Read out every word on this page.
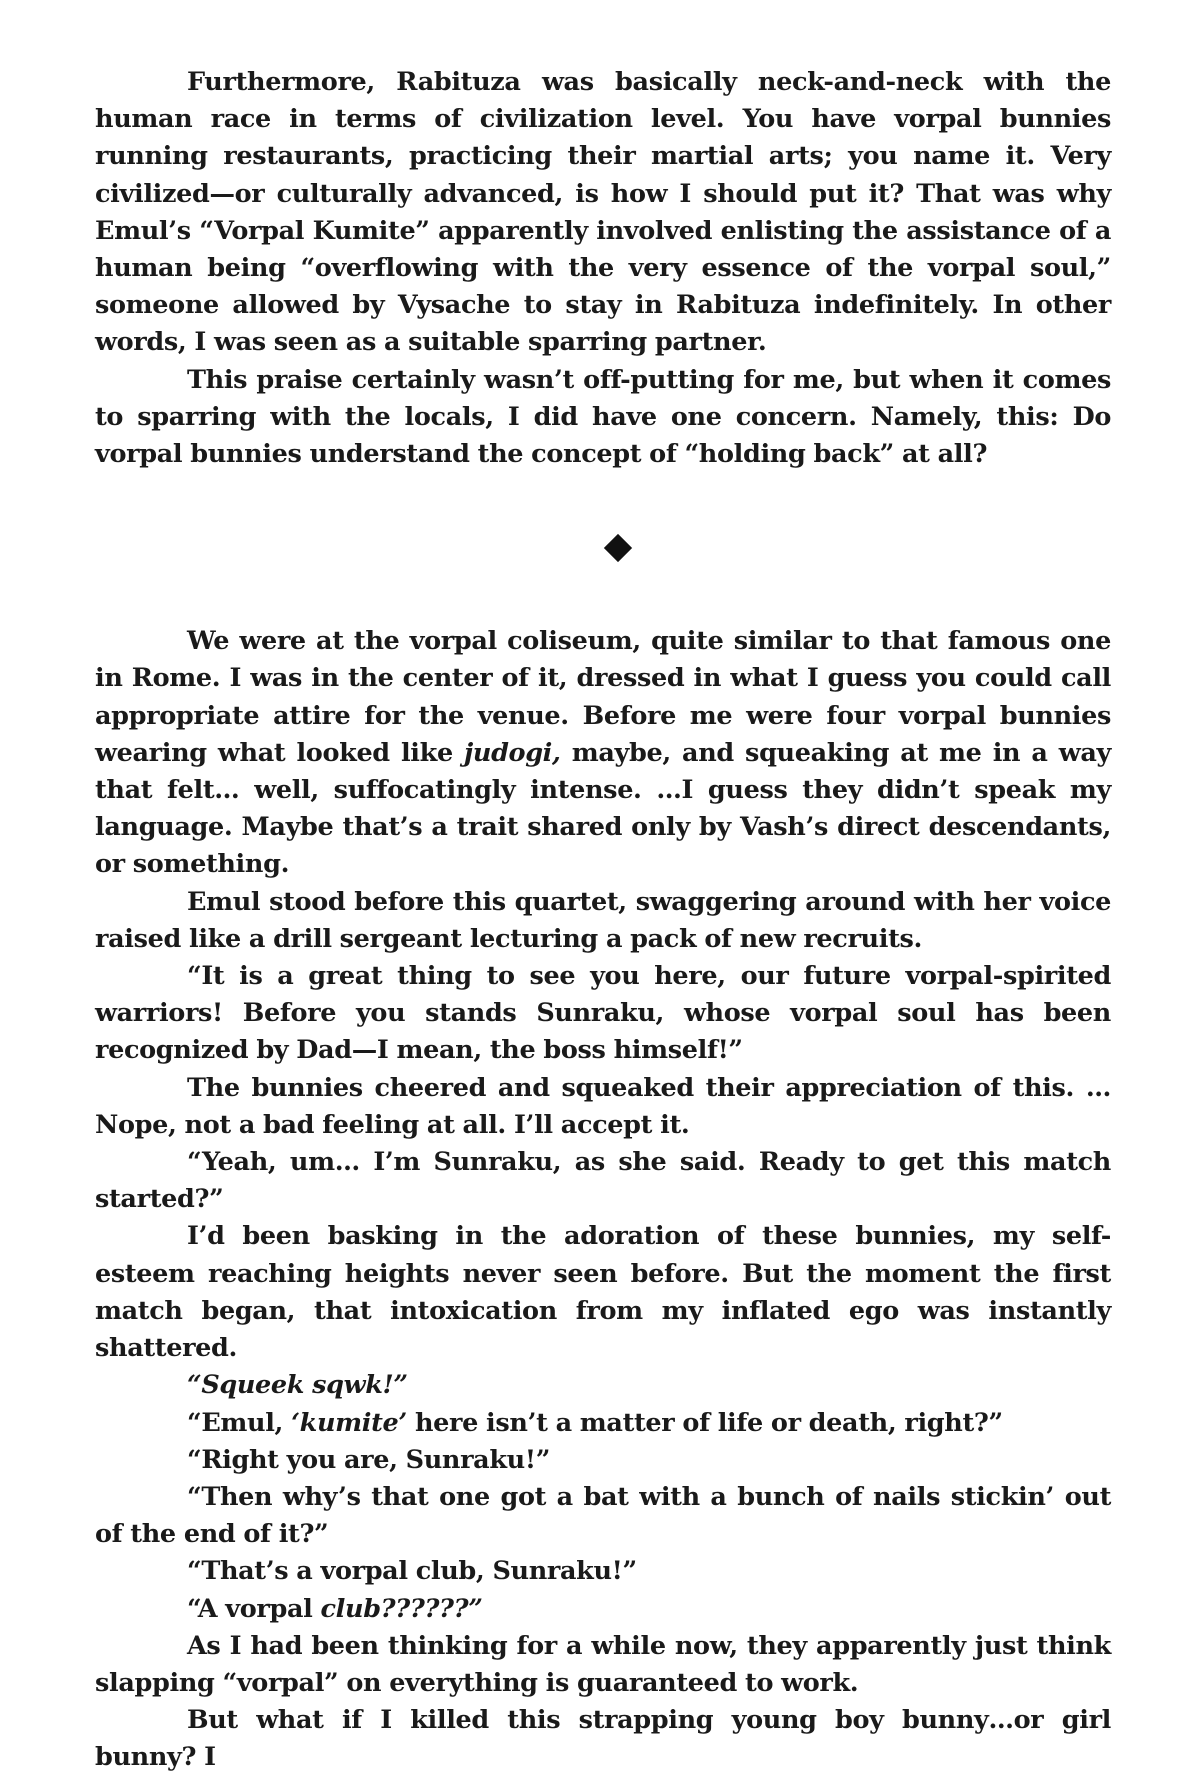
Furthermore, Rabituza was basically neck-and-neck with the human race in terms of civilization level. You have vorpal bunnies running restaurants, practicing their martial arts; you name it. Very civilized—or culturally advanced, is how I should put it? That was why Emul’s “Vorpal Kumite” apparently involved enlisting the assistance of a human being “overflowing with the very essence of the vorpal soul,” someone allowed by Vysache to stay in Rabituza indefinitely. In other words, I was seen as a suitable sparring partner.

This praise certainly wasn’t off-putting for me, but when it comes to sparring with the locals, I did have one concern. Namely, this: Do vorpal bunnies understand the concept of “holding back” at all?

We were at the vorpal coliseum, quite similar to that famous one in Rome. I was in the center of it, dressed in what I guess you could call appropriate attire for the venue. Before me were four vorpal bunnies wearing what looked like judogi, maybe, and squeaking at me in a way that felt… well, suffocatingly intense. …I guess they didn’t speak my language. Maybe that’s a trait shared only by Vash’s direct descendants, or something.

Emul stood before this quartet, swaggering around with her voice raised like a drill sergeant lecturing a pack of new recruits.

“It is a great thing to see you here, our future vorpal-spirited warriors! Before you stands Sunraku, whose vorpal soul has been recognized by Dad—I mean, the boss himself!”

The bunnies cheered and squeaked their appreciation of this. …Nope, not a bad feeling at all. I’ll accept it.

“Yeah, um… I’m Sunraku, as she said. Ready to get this match started?”

I’d been basking in the adoration of these bunnies, my self-esteem reaching heights never seen before. But the moment the first match began, that intoxication from my inflated ego was instantly shattered.

“Squeek sqwk!”

“Emul, ‘kumite’ here isn’t a matter of life or death, right?”

“Right you are, Sunraku!”

“Then why’s that one got a bat with a bunch of nails stickin’ out of the end of it?”

“That’s a vorpal club, Sunraku!”

“A vorpal club??????”

As I had been thinking for a while now, they apparently just think slapping “vorpal” on everything is guaranteed to work.

But what if I killed this strapping young boy bunny…or girl bunny? I
